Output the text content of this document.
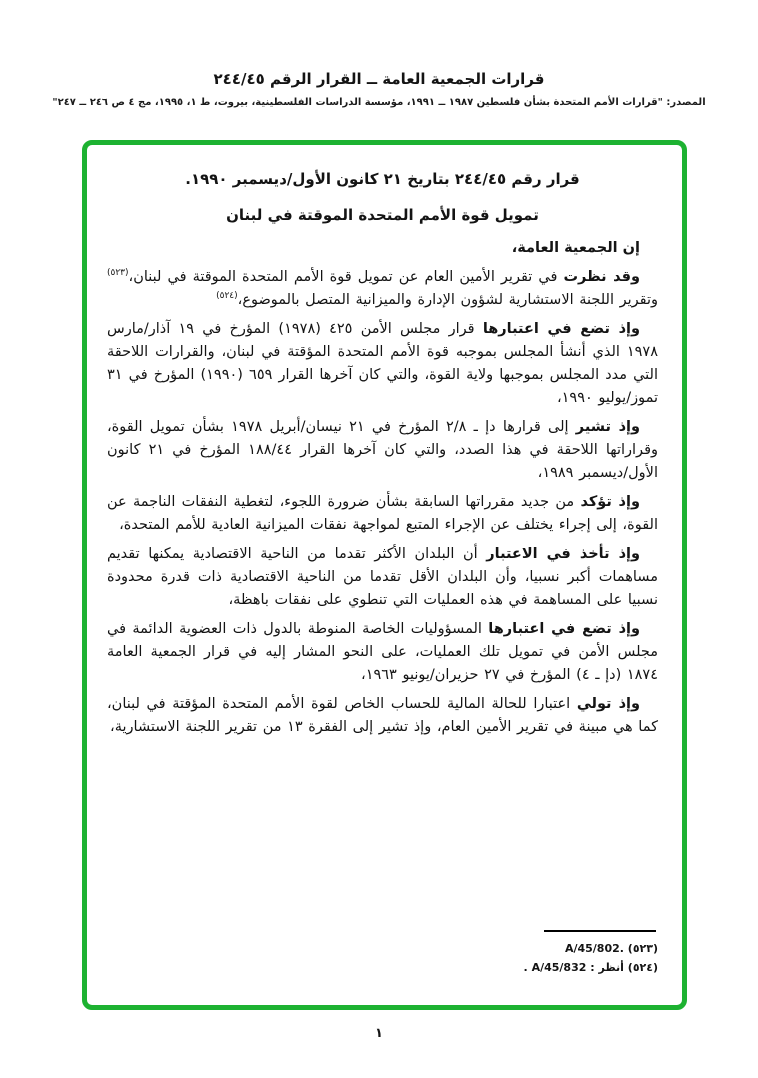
قرارات الجمعية العامة ــ القرار الرقم ٢٤٤/٤٥
المصدر: "قرارات الأمم المتحدة بشأن فلسطين ١٩٨٧ ــ ١٩٩١، مؤسسة الدراسات الفلسطينية، بيروت، ط ١، ١٩٩٥، مج ٤ ص ٢٤٦ ــ ٢٤٧"
قرار رقم ٢٤٤/٤٥ بتاريخ ٢١ كانون الأول/ديسمبر ١٩٩٠.
تمويل قوة الأمم المتحدة الموقتة في لبنان

إن الجمعية العامة،

وقد نظرت في تقرير الأمين العام عن تمويل قوة الأمم المتحدة الموقتة في لبنان،$^{(٥٢٣)}$ وتقرير اللجنة الاستشارية لشؤون الإدارة والميزانية المتصل بالموضوع،$^{(٥٢٤)}$

وإذ تضع في اعتبارها قرار مجلس الأمن ٤٢٥ (١٩٧٨) المؤرخ في ١٩ آذار/مارس ١٩٧٨ الذي أنشأ المجلس بموجبه قوة الأمم المتحدة المؤقتة في لبنان، والقرارات اللاحقة التي مدد المجلس بموجبها ولاية القوة، والتي كان آخرها القرار ٦٥٩ (١٩٩٠) المؤرخ في ٣١ تموز/يوليو ١٩٩٠،

وإذ تشير إلى قرارها دإ ـ ٢/٨ المؤرخ في ٢١ نيسان/أبريل ١٩٧٨ بشأن تمويل القوة، وقراراتها اللاحقة في هذا الصدد، والتي كان آخرها القرار ١٨٨/٤٤ المؤرخ في ٢١ كانون الأول/ديسمبر ١٩٨٩،

وإذ تؤكد من جديد مقرراتها السابقة بشأن ضرورة اللجوء، لتغطية النفقات الناجمة عن القوة، إلى إجراء يختلف عن الإجراء المتبع لمواجهة نفقات الميزانية العادية للأمم المتحدة،

وإذ تأخذ في الاعتبار أن البلدان الأكثر تقدما من الناحية الاقتصادية يمكنها تقديم مساهمات أكبر نسبيا، وأن البلدان الأقل تقدما من الناحية الاقتصادية ذات قدرة محدودة نسبيا على المساهمة في هذه العمليات التي تنطوي على نفقات باهظة،

وإذ تضع في اعتبارها المسؤوليات الخاصة المنوطة بالدول ذات العضوية الدائمة في مجلس الأمن في تمويل تلك العمليات، على النحو المشار إليه في قرار الجمعية العامة ١٨٧٤ (دإ ـ ٤) المؤرخ في ٢٧ حزيران/يونيو ١٩٦٣،

وإذ تولي اعتبارا للحالة المالية للحساب الخاص لقوة الأمم المتحدة المؤقتة في لبنان، كما هي مبينة في تقرير الأمين العام، وإذ تشير إلى الفقرة ١٣ من تقرير اللجنة الاستشارية،

(٥٢٣) A/45/802.
(٥٢٤) أنظر : A/45/832 .
١
